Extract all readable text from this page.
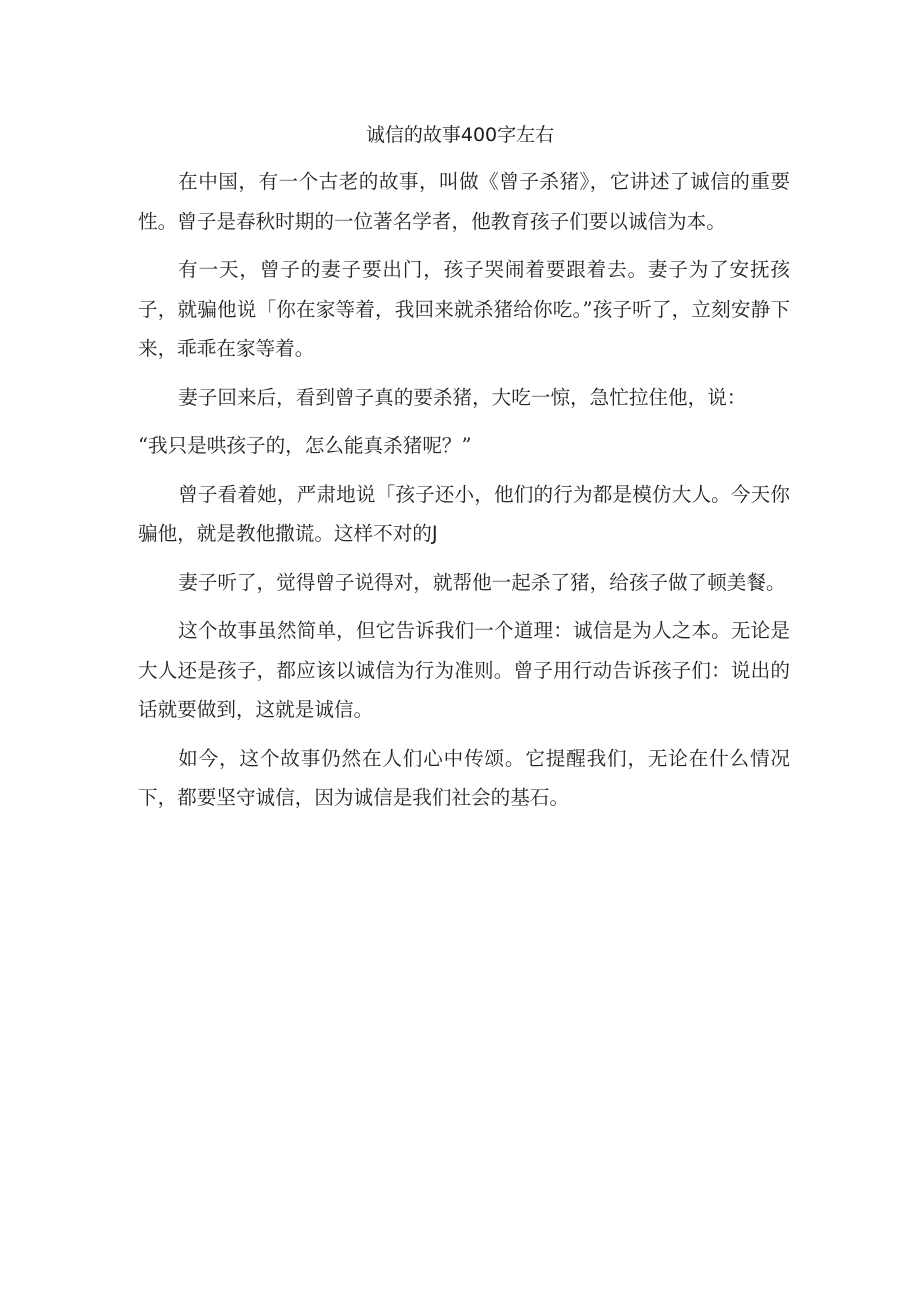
诚信的故事400字左右

在中国，有一个古老的故事，叫做《曾子杀猪》，它讲述了诚信的重要性。曾子是春秋时期的一位著名学者，他教育孩子们要以诚信为本。

有一天，曾子的妻子要出门，孩子哭闹着要跟着去。妻子为了安抚孩子，就骗他说「你在家等着，我回来就杀猪给你吃。”孩子听了，立刻安静下来，乖乖在家等着。

妻子回来后，看到曾子真的要杀猪，大吃一惊，急忙拉住他，说：

“我只是哄孩子的，怎么能真杀猪呢？”

曾子看着她，严肃地说「孩子还小，他们的行为都是模仿大人。今天你骗他，就是教他撒谎。这样不对的J

妻子听了，觉得曾子说得对，就帮他一起杀了猪，给孩子做了顿美餐。

这个故事虽然简单，但它告诉我们一个道理：诚信是为人之本。无论是大人还是孩子，都应该以诚信为行为准则。曾子用行动告诉孩子们：说出的话就要做到，这就是诚信。

如今，这个故事仍然在人们心中传颂。它提醒我们，无论在什么情况下，都要坚守诚信，因为诚信是我们社会的基石。
